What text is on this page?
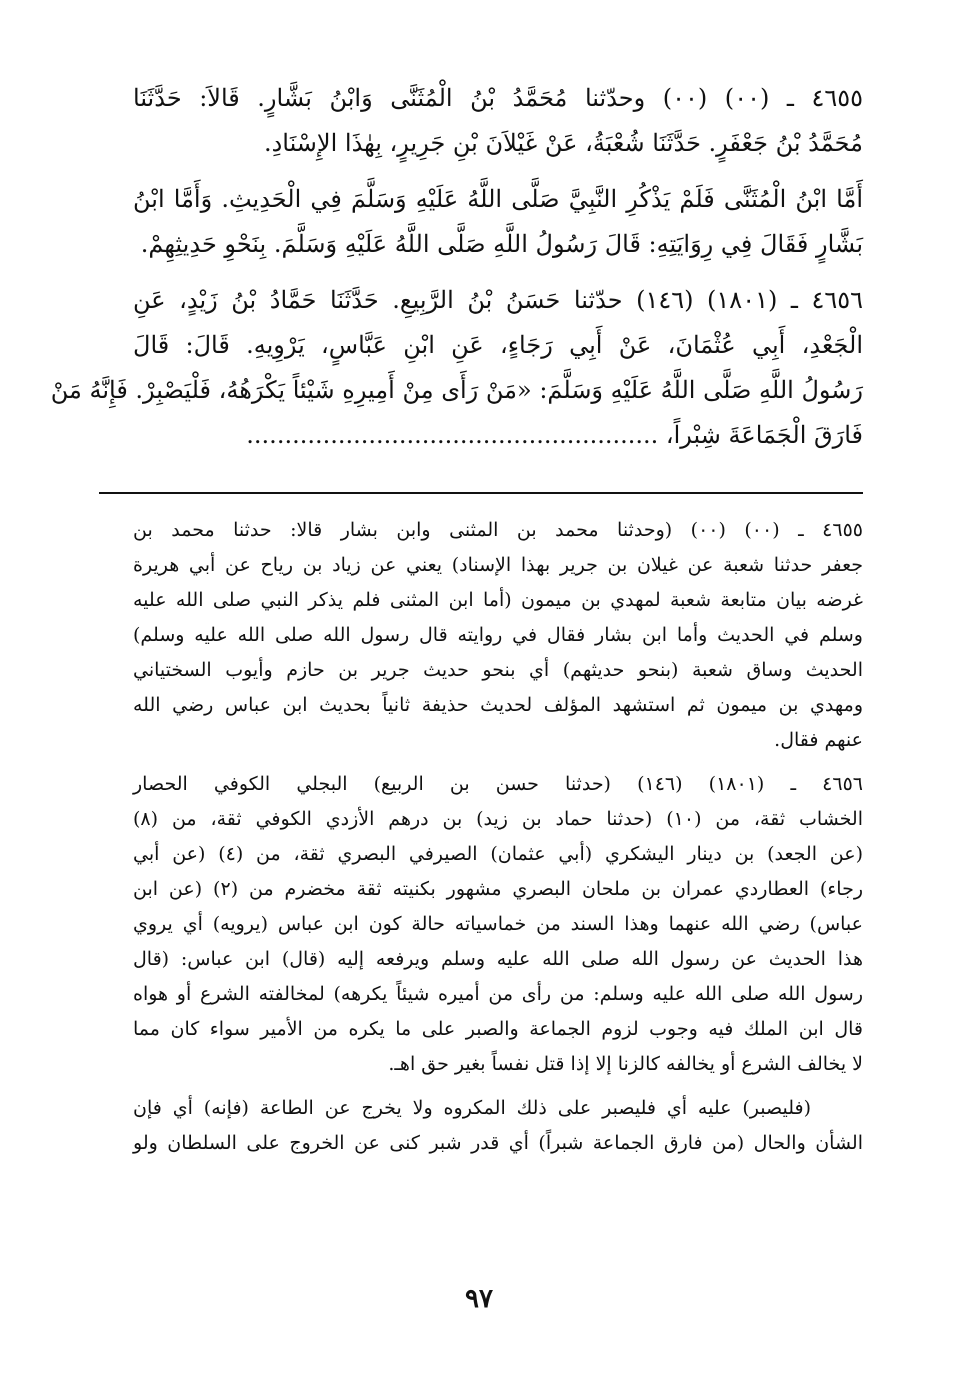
٤٦٥٥ ـ (٠٠) (٠٠) وحدّثنا مُحَمَّدُ بْنُ الْمُثَنَّى وَابْنُ بَشَّارٍ. قَالاَ: حَدَّثَنَا
مُحَمَّدُ بْنُ جَعْفَرٍ. حَدَّثَنَا شُعْبَةُ، عَنْ غَيْلاَنَ بْنِ جَرِيرٍ، بِهٰذَا الإِسْنَادِ.
أَمَّا ابْنُ الْمُثَنَّى فَلَمْ يَذْكُرِ النَّبِيَّ صَلَّى اللَّهُ عَلَيْهِ وَسَلَّمَ فِي الْحَدِيثِ. وَأَمَّا ابْنُ
بَشَّارٍ فَقَالَ فِي رِوَايَتِهِ: قَالَ رَسُولُ اللَّهِ صَلَّى اللَّهُ عَلَيْهِ وَسَلَّمَ. بِنَحْوِ حَدِيثِهِمْ.
٤٦٥٦ ـ (١٨٠١) (١٤٦) حدّثنا حَسَنُ بْنُ الرَّبِيعِ. حَدَّثَنَا حَمَّادُ بْنُ زَيْدٍ، عَنِ
الْجَعْدِ، أَبِي عُثْمَانَ، عَنْ أَبِي رَجَاءٍ، عَنِ ابْنِ عَبَّاسٍ، يَرْوِيهِ. قَالَ: قَالَ
رَسُولُ اللَّهِ صَلَّى اللَّهُ عَلَيْهِ وَسَلَّمَ: «مَنْ رَأَى مِنْ أَمِيرِهِ شَيْئاً يَكْرَهُهُ، فَلْيَصْبِرْ. فَإِنَّهُ مَنْ
فَارَقَ الْجَمَاعَةَ شِبْراً، ......................................................
٤٦٥٥ ـ (٠٠) (٠٠) (وحدثنا محمد بن المثنى وابن بشار قالا: حدثنا محمد بن
جعفر حدثنا شعبة عن غيلان بن جرير بهذا الإسناد) يعني عن زياد بن رياح عن أبي هريرة
غرضه بيان متابعة شعبة لمهدي بن ميمون (أما ابن المثنى فلم يذكر النبي صلى الله عليه
وسلم في الحديث وأما ابن بشار فقال في روايته قال رسول الله صلى الله عليه وسلم)
الحديث وساق شعبة (بنحو حديثهم) أي بنحو حديث جرير بن حازم وأيوب السختياني
ومهدي بن ميمون ثم استشهد المؤلف لحديث حذيفة ثانياً بحديث ابن عباس رضي الله
عنهم فقال.
٤٦٥٦ ـ (١٨٠١) (١٤٦) (حدثنا حسن بن الربيع) البجلي الكوفي الحصار
الخشاب ثقة، من (١٠) (حدثنا حماد بن زيد) بن درهم الأزدي الكوفي ثقة، من (٨)
(عن الجعد) بن دينار اليشكري (أبي عثمان) الصيرفي البصري ثقة، من (٤) (عن أبي
رجاء) العطاردي عمران بن ملحان البصري مشهور بكنيته ثقة مخضرم من (٢) (عن ابن
عباس) رضي الله عنهما وهذا السند من خماسياته حالة كون ابن عباس (يرويه) أي يروي
هذا الحديث عن رسول الله صلى الله عليه وسلم ويرفعه إليه (قال) ابن عباس: (قال
رسول الله صلى الله عليه وسلم: من رأى من أميره شيئاً يكرهه) لمخالفته الشرع أو هواه
قال ابن الملك فيه وجوب لزوم الجماعة والصبر على ما يكره من الأمير سواء كان مما
لا يخالف الشرع أو يخالفه كالزنا إلا إذا قتل نفساً بغير حق اهـ.
(فليصبر) عليه أي فليصبر على ذلك المكروه ولا يخرج عن الطاعة (فإنه) أي فإن
الشأن والحال (من فارق الجماعة شبراً) أي قدر شبر كنى عن الخروج على السلطان ولو
٩٧
